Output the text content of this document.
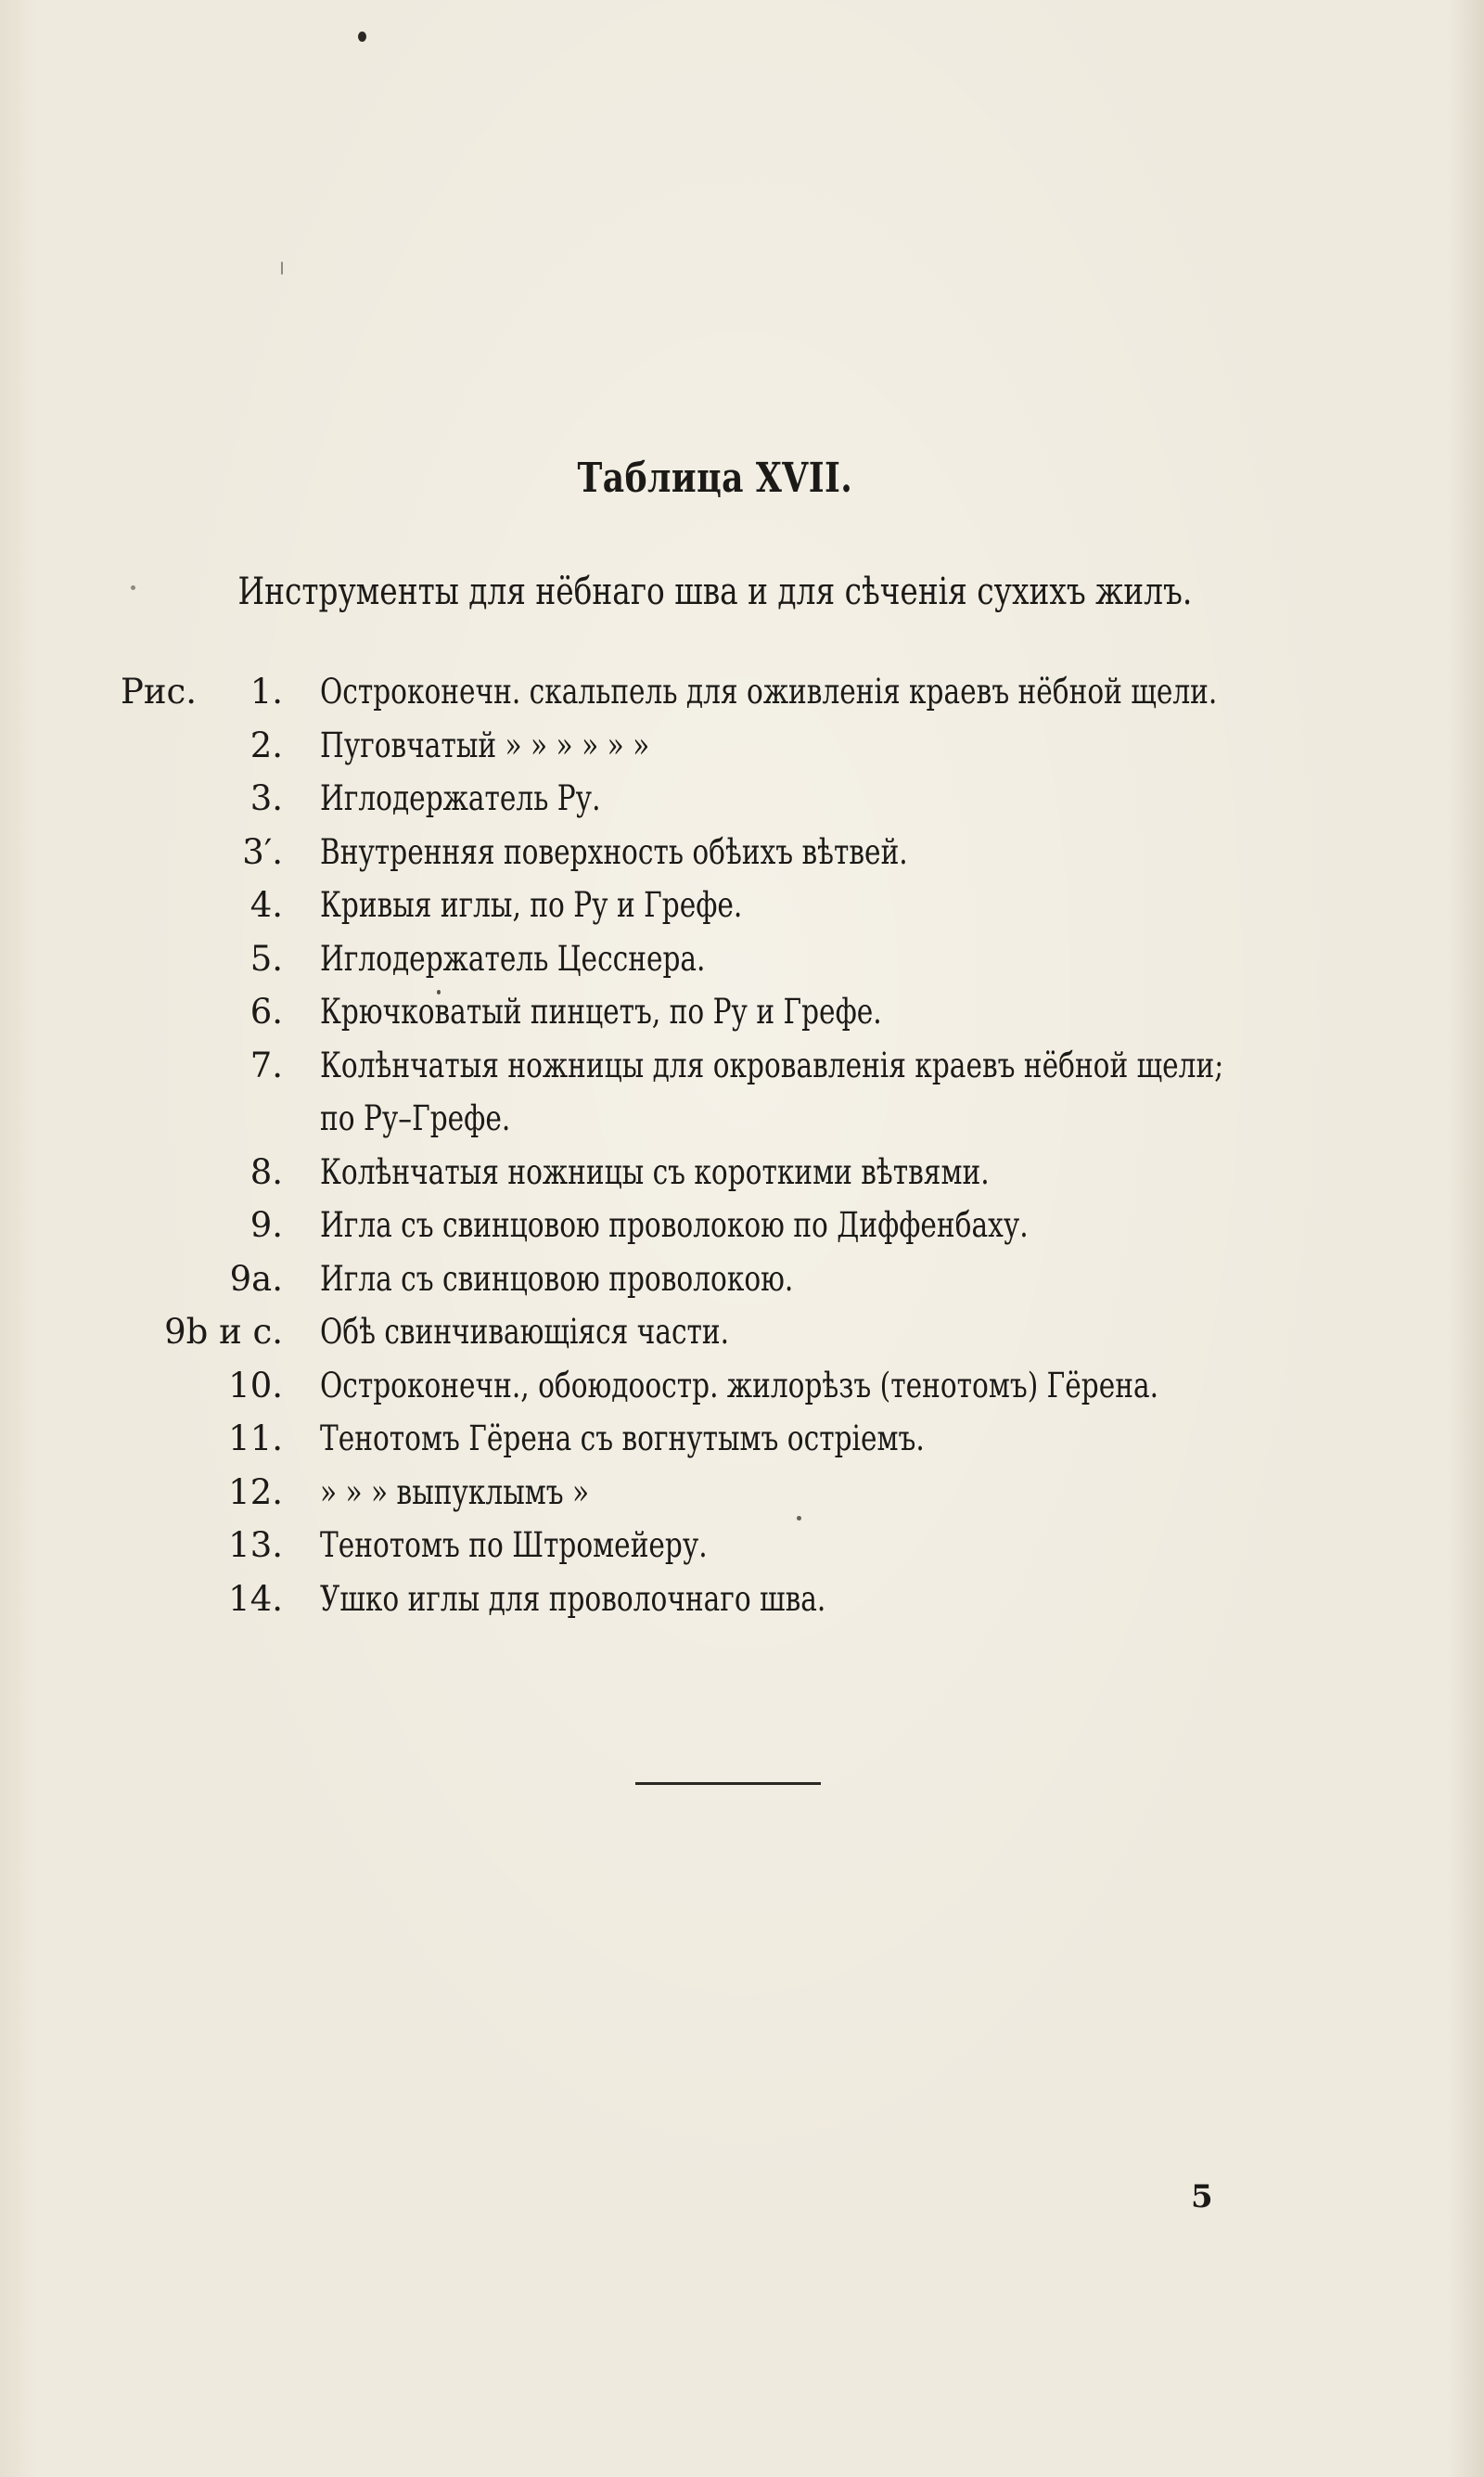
Таблица XVII.
Инструменты для нёбнаго шва и для сѣченія сухихъ жилъ.
Рис. 1. Остроконечн. скальпель для оживленія краевъ нёбной щели.
2. Пуговчатый » » » » » »
3. Иглодержатель Ру.
3′. Внутренняя поверхность обѣихъ вѣтвей.
4. Кривыя иглы, по Ру и Грефе.
5. Иглодержатель Цесснера.
6. Крючковатый пинцетъ, по Ру и Грефе.
7. Колѣнчатыя ножницы для окровавленія краевъ нёбной щели;
по Ру–Грефе.
8. Колѣнчатыя ножницы съ короткими вѣтвями.
9. Игла съ свинцовою проволокою по Диффенбаху.
9a. Игла съ свинцовою проволокою.
9b и c. Обѣ свинчивающіяся части.
10. Остроконечн., обоюдоостр. жилорѣзъ (тенотомъ) Гёрена.
11. Тенотомъ Гёрена съ вогнутымъ остріемъ.
12. » » » выпуклымъ »
13. Тенотомъ по Штромейеру.
14. Ушко иглы для проволочнаго шва.
5
